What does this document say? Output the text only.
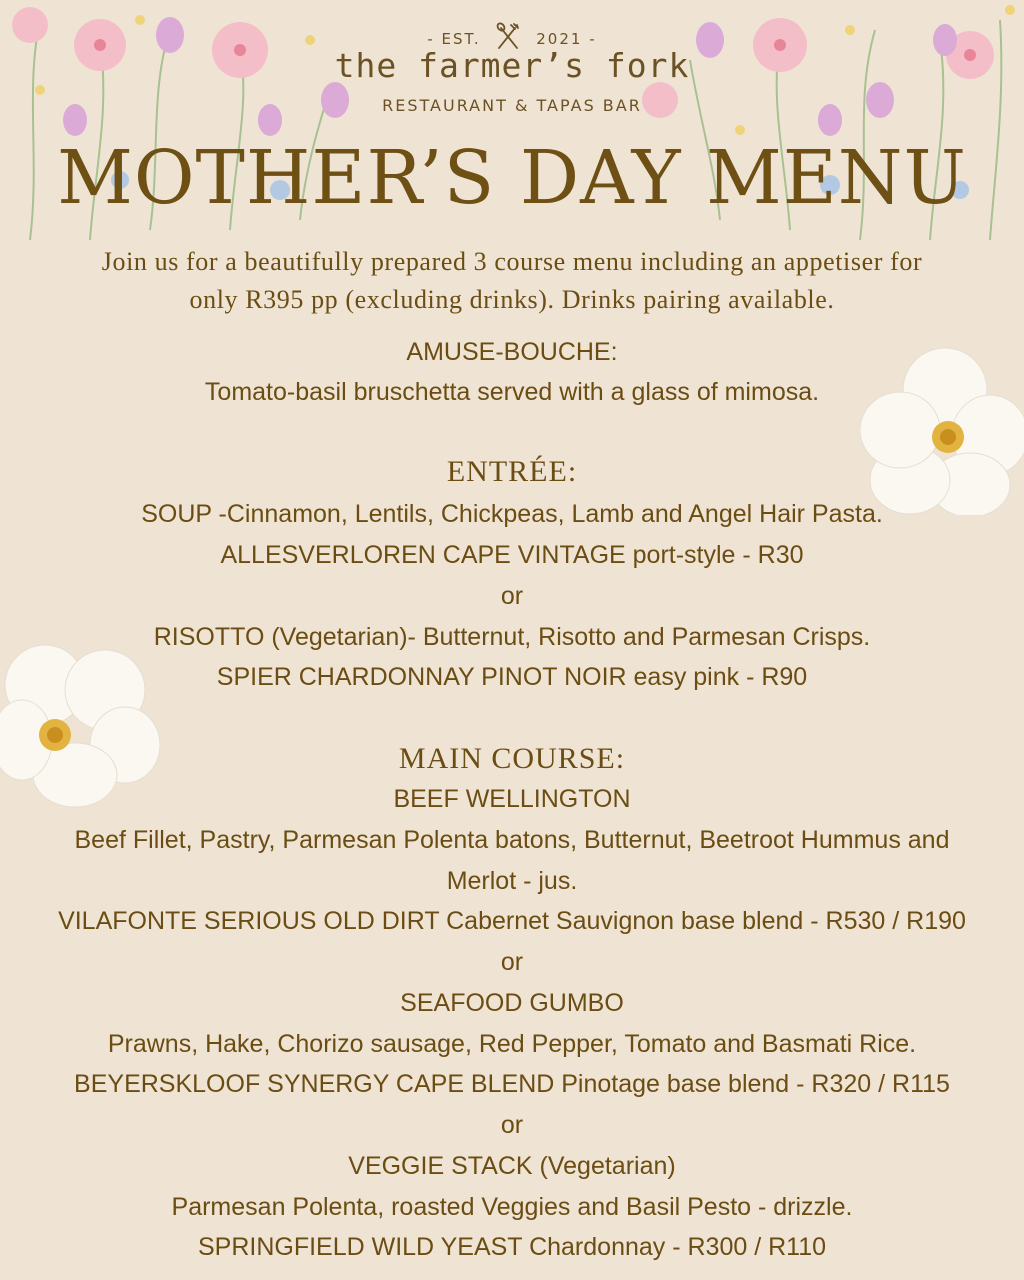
- EST.	2021 -
the farmer’s fork
RESTAURANT & TAPAS BAR
MOTHER’S DAY MENU
Join us for a beautifully prepared 3 course menu including an appetiser for
only R395 pp (excluding drinks). Drinks pairing available.
AMUSE-BOUCHE:
Tomato-basil bruschetta served with a glass of mimosa.
ENTRÉE:
SOUP -Cinnamon, Lentils, Chickpeas, Lamb and Angel Hair Pasta.
ALLESVERLOREN CAPE VINTAGE port-style - R30
or
RISOTTO (Vegetarian)- Butternut, Risotto and Parmesan Crisps.
SPIER CHARDONNAY PINOT NOIR easy pink - R90
MAIN COURSE:
BEEF WELLINGTON
Beef Fillet, Pastry, Parmesan Polenta batons, Butternut, Beetroot Hummus and
Merlot - jus.
VILAFONTE SERIOUS OLD DIRT Cabernet Sauvignon base blend - R530 / R190
or
SEAFOOD GUMBO
Prawns, Hake, Chorizo sausage, Red Pepper, Tomato and Basmati Rice.
BEYERSKLOOF SYNERGY CAPE BLEND Pinotage base blend - R320 / R115
or
VEGGIE STACK (Vegetarian)
Parmesan Polenta, roasted Veggies and Basil Pesto - drizzle.
SPRINGFIELD WILD YEAST Chardonnay - R300 / R110
